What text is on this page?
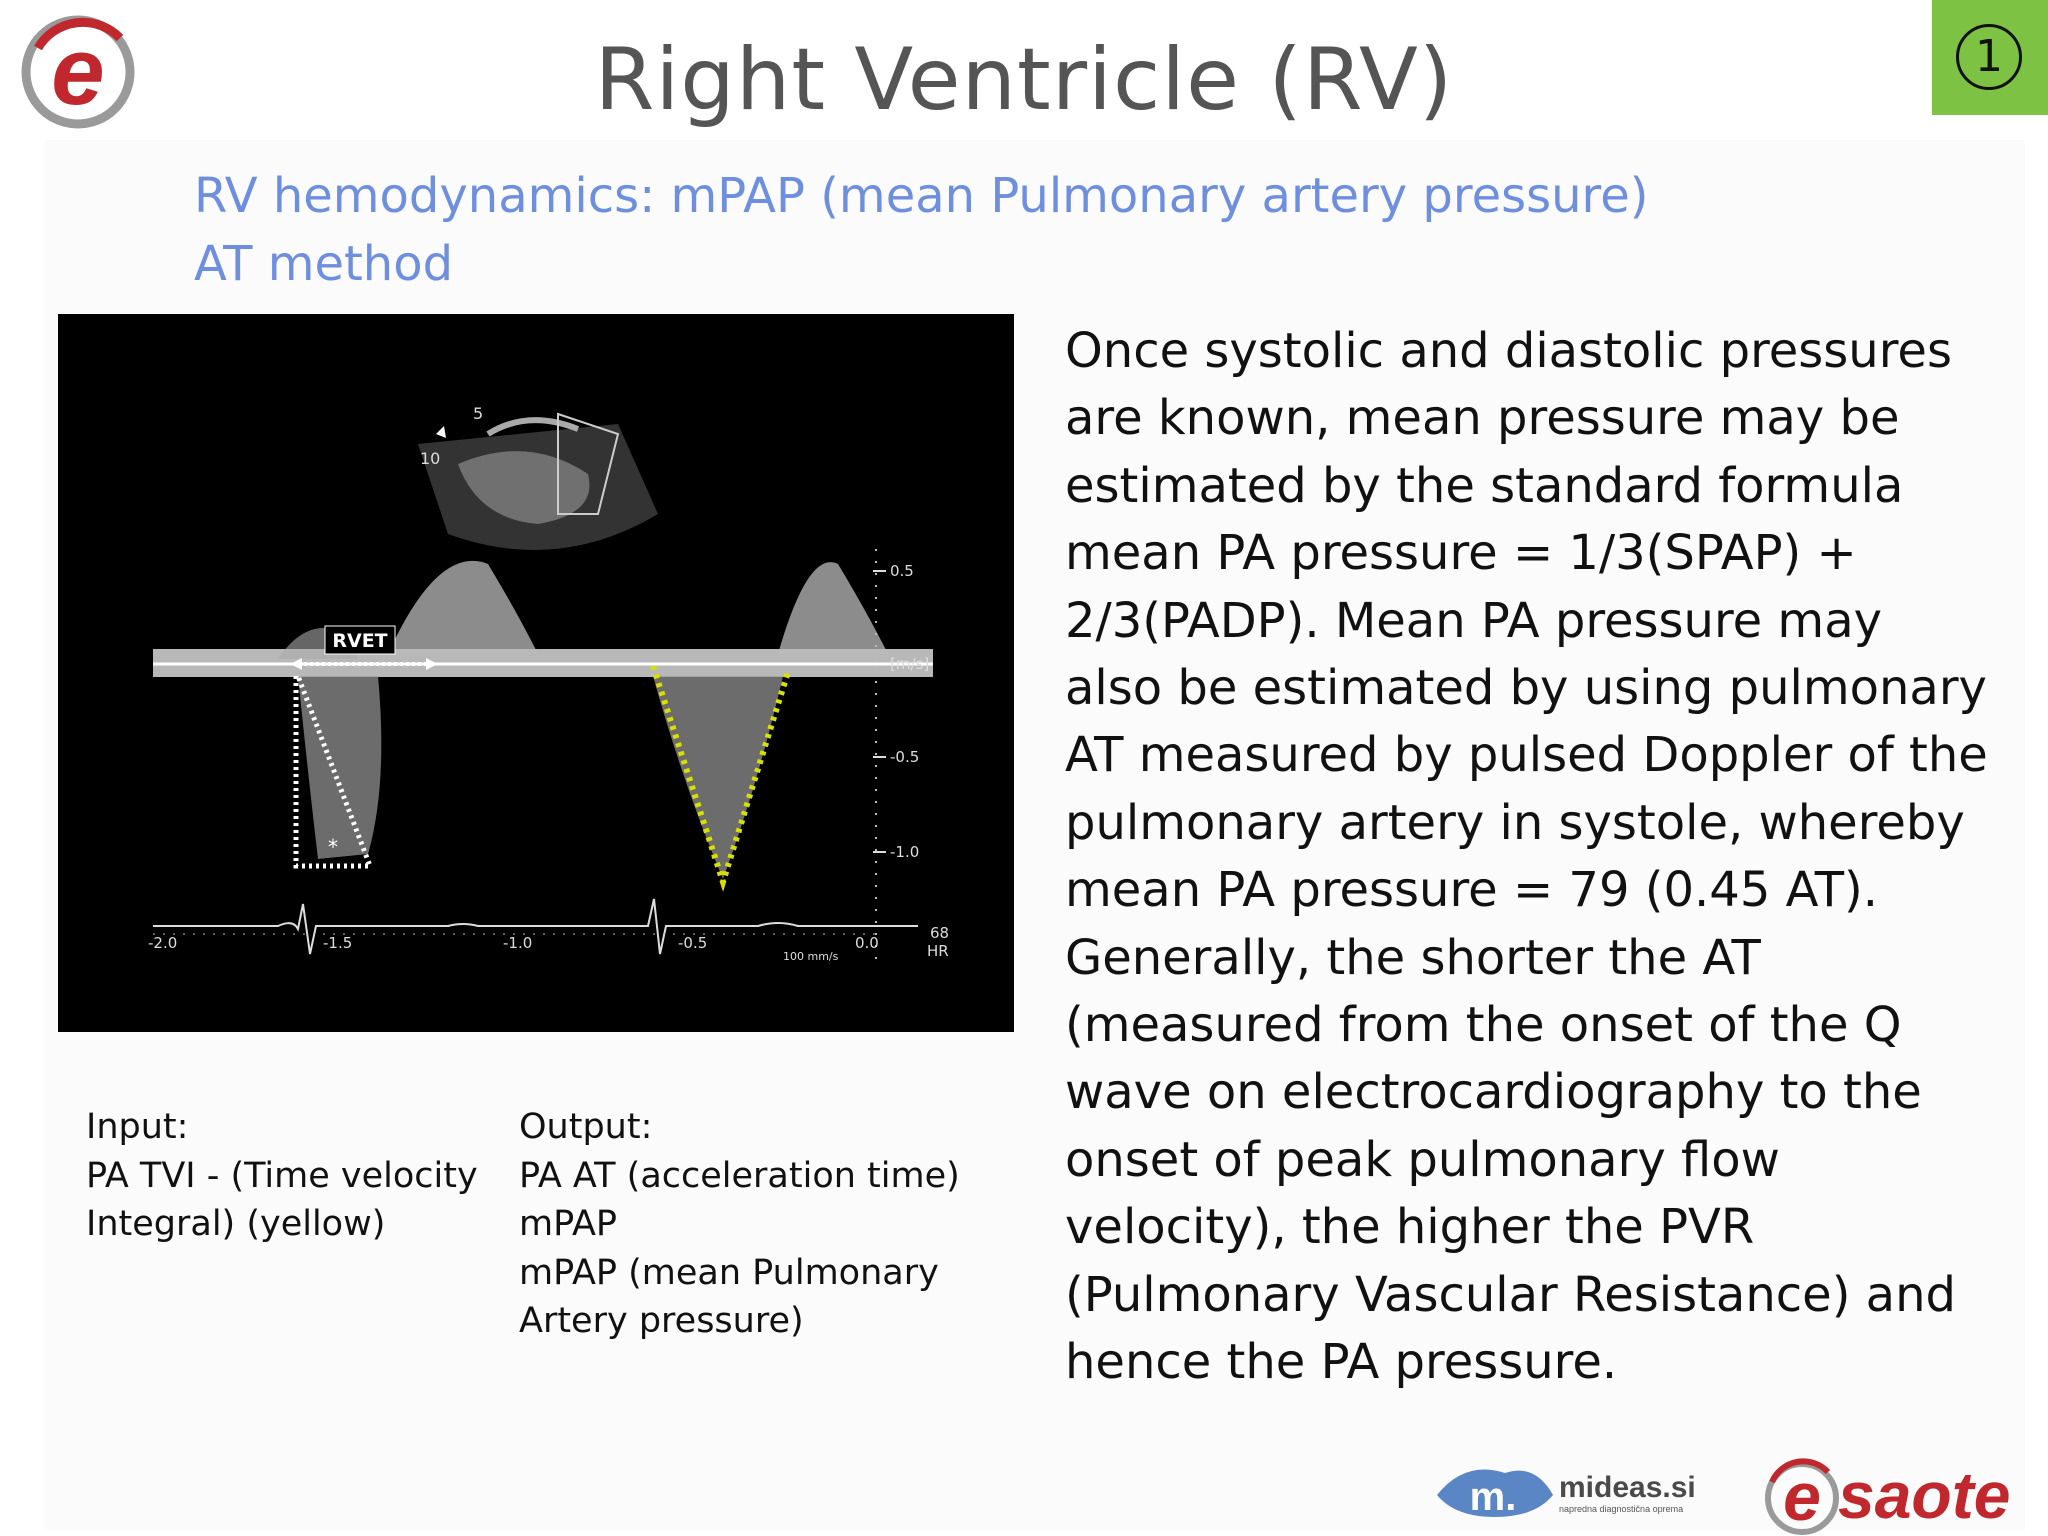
e	Right Ventricle (RV)	1
RV hemodynamics: mPAP (mean Pulmonary artery pressure)
AT method
10
5
RVET
*
0.5
[m/s]
-0.5
-1.0
-2.0	-1.5	-1.0	-0.5	0.0
100 mm/s
68
HR
Once systolic and diastolic pressures
are known, mean pressure may be
estimated by the standard formula
mean PA pressure = 1/3(SPAP) +
2/3(PADP). Mean PA pressure may
also be estimated by using pulmonary
AT measured by pulsed Doppler of the
pulmonary artery in systole, whereby
mean PA pressure = 79 (0.45 AT).
Generally, the shorter the AT
(measured from the onset of the Q
wave on electrocardiography to the
onset of peak pulmonary flow
velocity), the higher the PVR
(Pulmonary Vascular Resistance) and
hence the PA pressure.
Input:
PA TVI - (Time velocity
Integral) (yellow)
Output:
PA AT (acceleration time)
mPAP
mPAP (mean Pulmonary
Artery pressure)
m. mideas.si
napredna diagnostična oprema e saote
